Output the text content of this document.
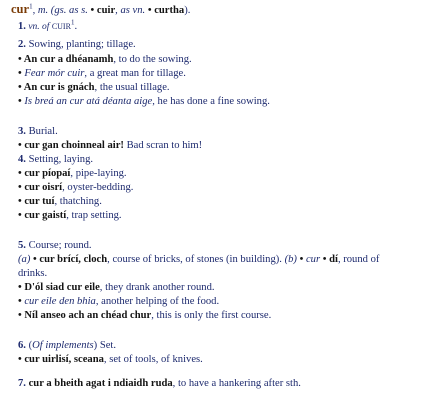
cur$^1$, m. (gs. as s. • cuir, as vn. • curtha).
1. vn. of CUIR$^1$.
2. Sowing, planting; tillage.
• An cur a dhéanamh, to do the sowing.
• Fear mór cuir, a great man for tillage.
• An cur is gnách, the usual tillage.
• Is breá an cur atá déanta aige, he has done a fine sowing.
3. Burial.
• cur gan choinneal air! Bad scran to him!
4. Setting, laying.
• cur píopaí, pipe-laying.
• cur oisrí, oyster-bedding.
• cur tuí, thatching.
• cur gaistí, trap setting.
5. Course; round.
(a) • cur brící, cloch, course of bricks, of stones (in building). (b) • cur • dí, round of
drinks.
• D'ól siad cur eile, they drank another round.
• cur eile den bhia, another helping of the food.
• Níl anseo ach an chéad chur, this is only the first course.
6. (Of implements) Set.
• cur uirlisí, sceana, set of tools, of knives.
7. cur a bheith agat i ndiaidh ruda, to have a hankering after sth.
